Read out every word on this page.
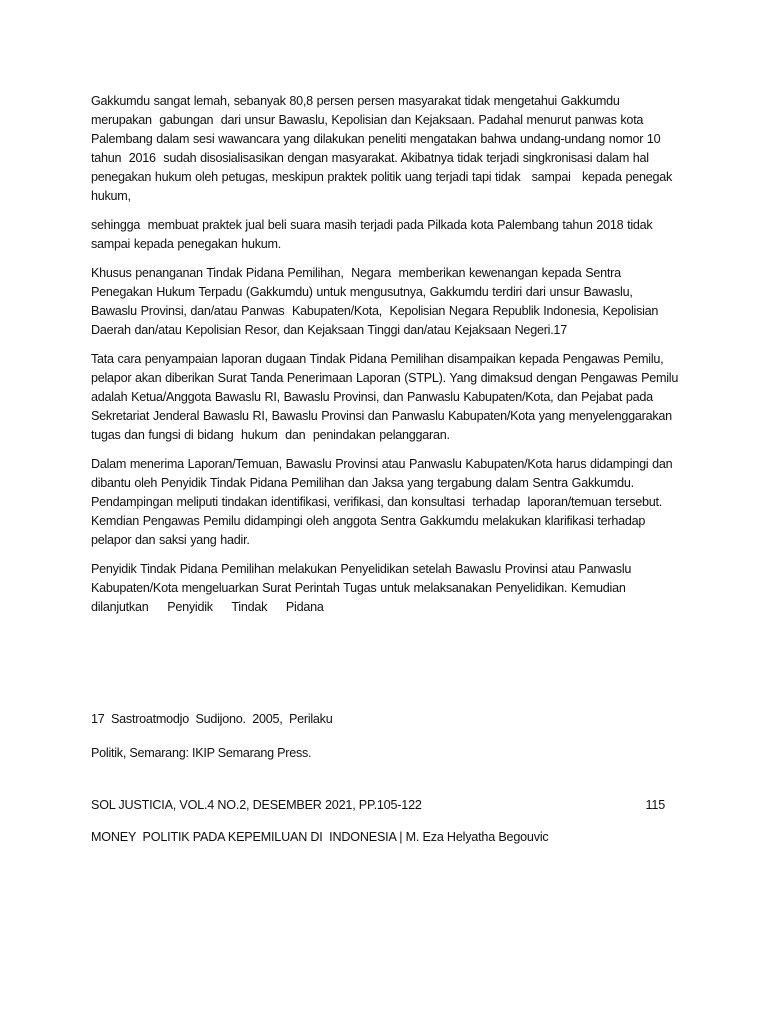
Gakkumdu sangat lemah, sebanyak 80,8 persen persen masyarakat tidak mengetahui Gakkumdu merupakan  gabungan  dari unsur Bawaslu, Kepolisian dan Kejaksaan. Padahal menurut panwas kota Palembang dalam sesi wawancara yang dilakukan peneliti mengatakan bahwa undang-undang nomor 10  tahun  2016  sudah disosialisasikan dengan masyarakat. Akibatnya tidak terjadi singkronisasi dalam hal penegakan hukum oleh petugas, meskipun praktek politik uang terjadi tapi tidak   sampai   kepada penegak   hukum,

sehingga  membuat praktek jual beli suara masih terjadi pada Pilkada kota Palembang tahun 2018 tidak sampai kepada penegakan hukum.

Khusus penanganan Tindak Pidana Pemilihan,  Negara  memberikan kewenangan kepada Sentra Penegakan Hukum Terpadu (Gakkumdu) untuk mengusutnya, Gakkumdu terdiri dari unsur Bawaslu, Bawaslu Provinsi, dan/atau Panwas  Kabupaten/Kota,  Kepolisian Negara Republik Indonesia, Kepolisian Daerah dan/atau Kepolisian Resor, dan Kejaksaan Tinggi dan/atau Kejaksaan Negeri.17

Tata cara penyampaian laporan dugaan Tindak Pidana Pemilihan disampaikan kepada Pengawas Pemilu, pelapor akan diberikan Surat Tanda Penerimaan Laporan (STPL). Yang dimaksud dengan Pengawas Pemilu adalah Ketua/Anggota Bawaslu RI, Bawaslu Provinsi, dan Panwaslu Kabupaten/Kota, dan Pejabat pada Sekretariat Jenderal Bawaslu RI, Bawaslu Provinsi dan Panwaslu Kabupaten/Kota yang menyelenggarakan tugas dan fungsi di bidang  hukum  dan  penindakan pelanggaran.

Dalam menerima Laporan/Temuan, Bawaslu Provinsi atau Panwaslu Kabupaten/Kota harus didampingi dan dibantu oleh Penyidik Tindak Pidana Pemilihan dan Jaksa yang tergabung dalam Sentra Gakkumdu. Pendampingan meliputi tindakan identifikasi, verifikasi, dan konsultasi  terhadap  laporan/temuan tersebut. Kemdian Pengawas Pemilu didampingi oleh anggota Sentra Gakkumdu melakukan klarifikasi terhadap pelapor dan saksi yang hadir.

Penyidik Tindak Pidana Pemilihan melakukan Penyelidikan setelah Bawaslu Provinsi atau Panwaslu Kabupaten/Kota mengeluarkan Surat Perintah Tugas untuk melaksanakan Penyelidikan. Kemudian dilanjutkan     Penyidik     Tindak     Pidana

17  Sastroatmodjo  Sudijono.  2005,  Perilaku

Politik, Semarang: IKIP Semarang Press.

SOL JUSTICIA, VOL.4 NO.2, DESEMBER 2021, PP.105-122	115
MONEY  POLITIK PADA KEPEMILUAN DI  INDONESIA | M. Eza Helyatha Begouvic
